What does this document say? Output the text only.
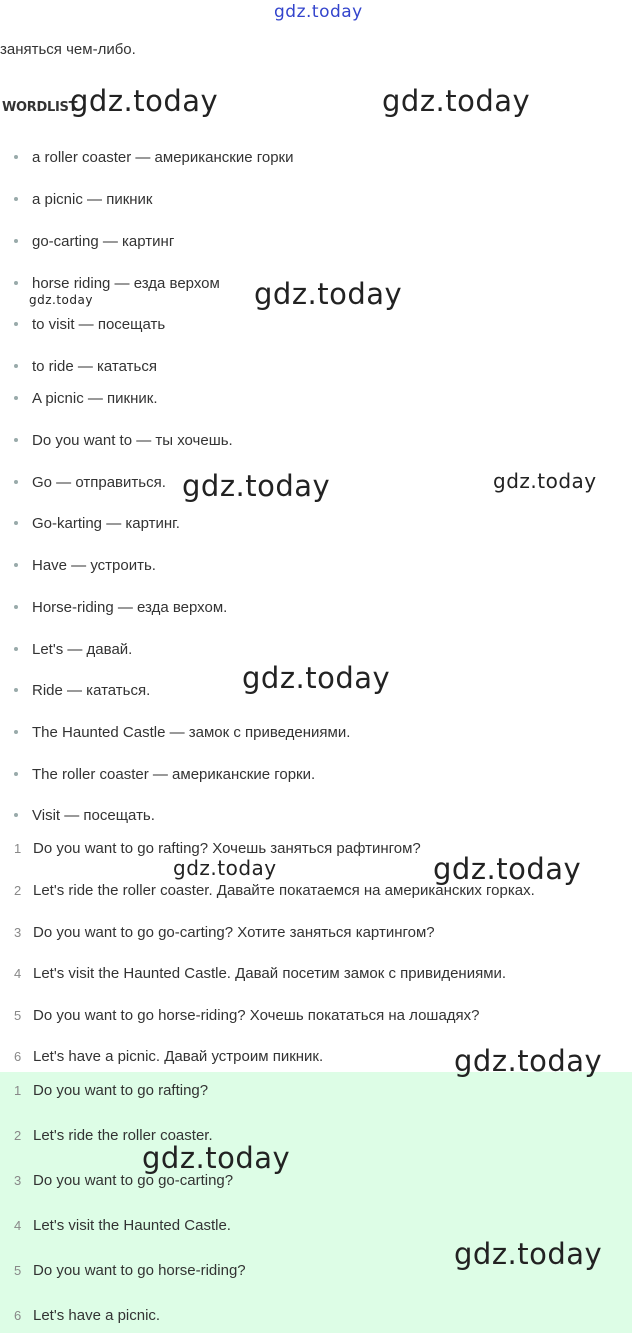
gdz.today
заняться чем-либо.
WORDLIST
a roller coaster — американские горки
a picnic — пикник
go-carting — картинг
horse riding — езда верхом
to visit — посещать
to ride — кататься
A picnic — пикник.
Do you want to — ты хочешь.
Go — отправиться.
Go-karting — картинг.
Have — устроить.
Horse-riding — езда верхом.
Let's — давай.
Ride — кататься.
The Haunted Castle — замок с приведениями.
The roller coaster — американские горки.
Visit — посещать.
1 Do you want to go rafting? Хочешь заняться рафтингом?
2 Let's ride the roller coaster. Давайте покатаемся на американских горках.
3 Do you want to go go-carting? Хотите заняться картингом?
4 Let's visit the Haunted Castle. Давай посетим замок с привидениями.
5 Do you want to go horse-riding? Хочешь покататься на лошадях?
6 Let's have a picnic. Давай устроим пикник.
1 Do you want to go rafting?
2 Let's ride the roller coaster.
3 Do you want to go go-carting?
4 Let's visit the Haunted Castle.
5 Do you want to go horse-riding?
6 Let's have a picnic.
gdz.today	gdz.today
gdz.today
gdz.today
gdz.today	gdz.today
gdz.today
gdz.today	gdz.today
gdz.today
gdz.today
gdz.today
